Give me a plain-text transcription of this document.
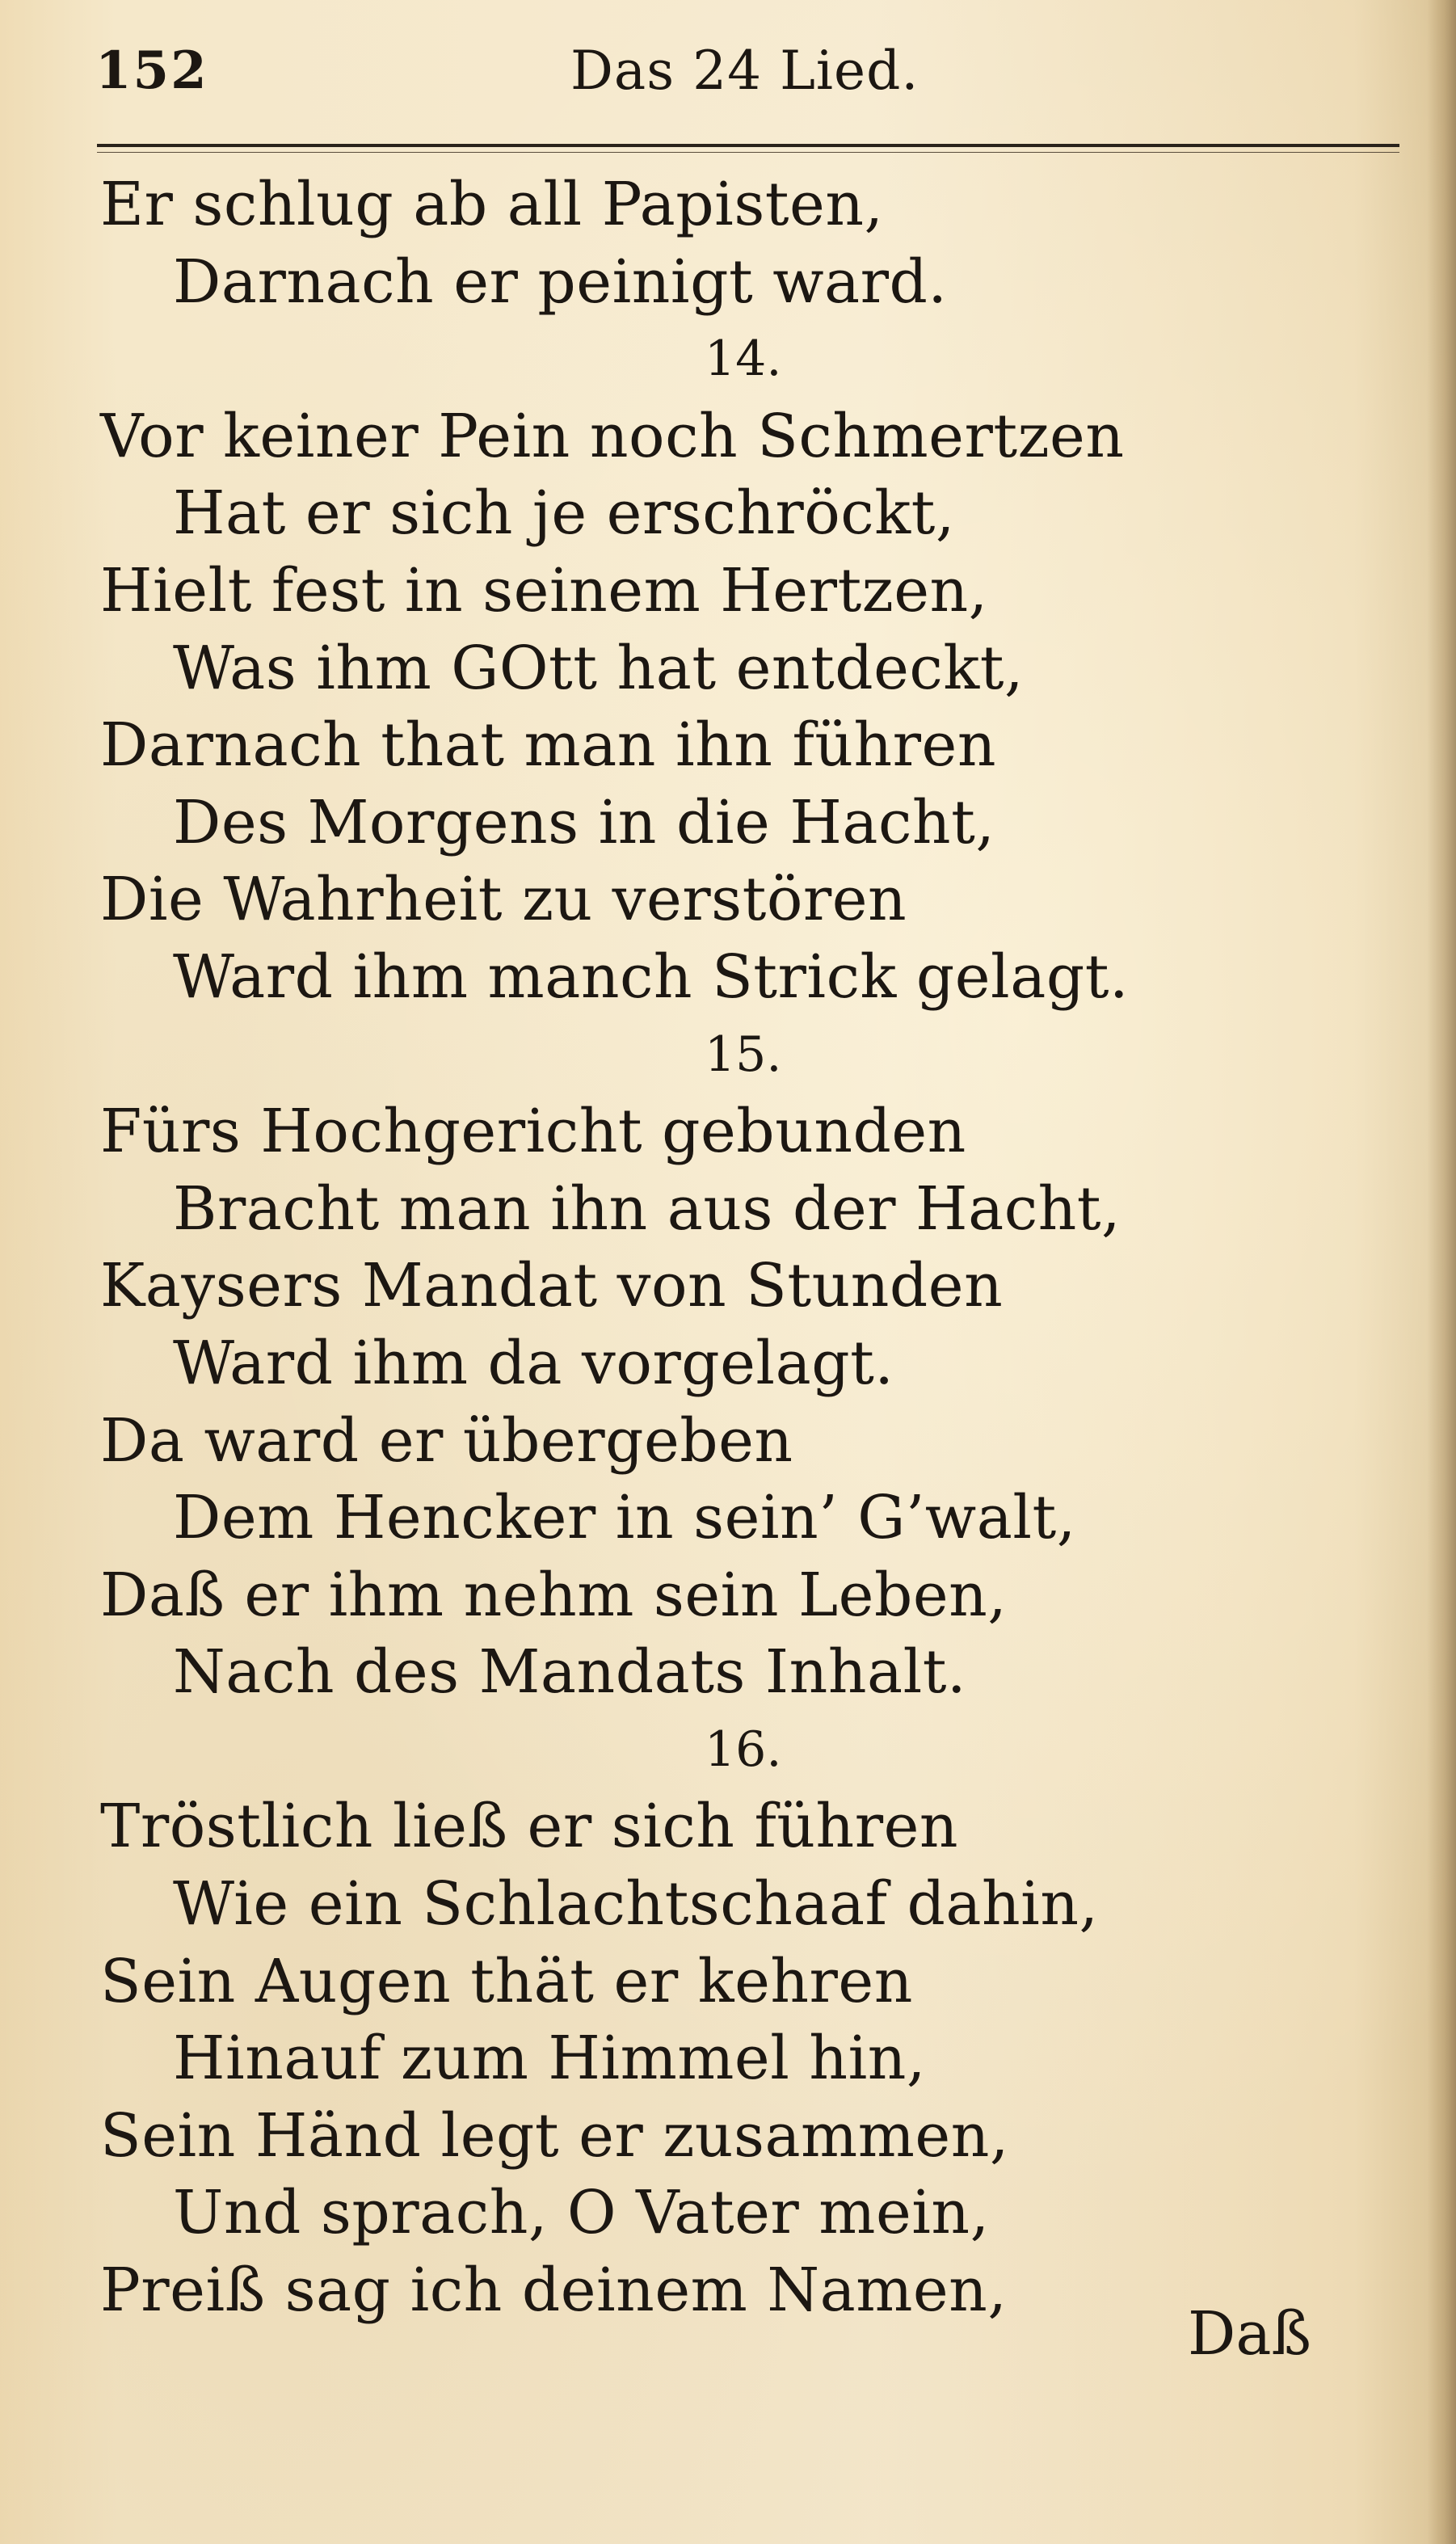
152	Das 24 Lied.
Er schlug ab all Papisten,
Darnach er peinigt ward.
14.
Vor keiner Pein noch Schmertzen
Hat er sich je erschröckt,
Hielt fest in seinem Hertzen,
Was ihm GOtt hat entdeckt,
Darnach that man ihn führen
Des Morgens in die Hacht,
Die Wahrheit zu verstören
Ward ihm manch Strick gelagt.
15.
Fürs Hochgericht gebunden
Bracht man ihn aus der Hacht,
Kaysers Mandat von Stunden
Ward ihm da vorgelagt.
Da ward er übergeben
Dem Hencker in sein’ G’walt,
Daß er ihm nehm sein Leben,
Nach des Mandats Inhalt.
16.
Tröstlich ließ er sich führen
Wie ein Schlachtschaaf dahin,
Sein Augen thät er kehren
Hinauf zum Himmel hin,
Sein Händ legt er zusammen,
Und sprach, O Vater mein,
Preiß sag ich deinem Namen,
Daß
